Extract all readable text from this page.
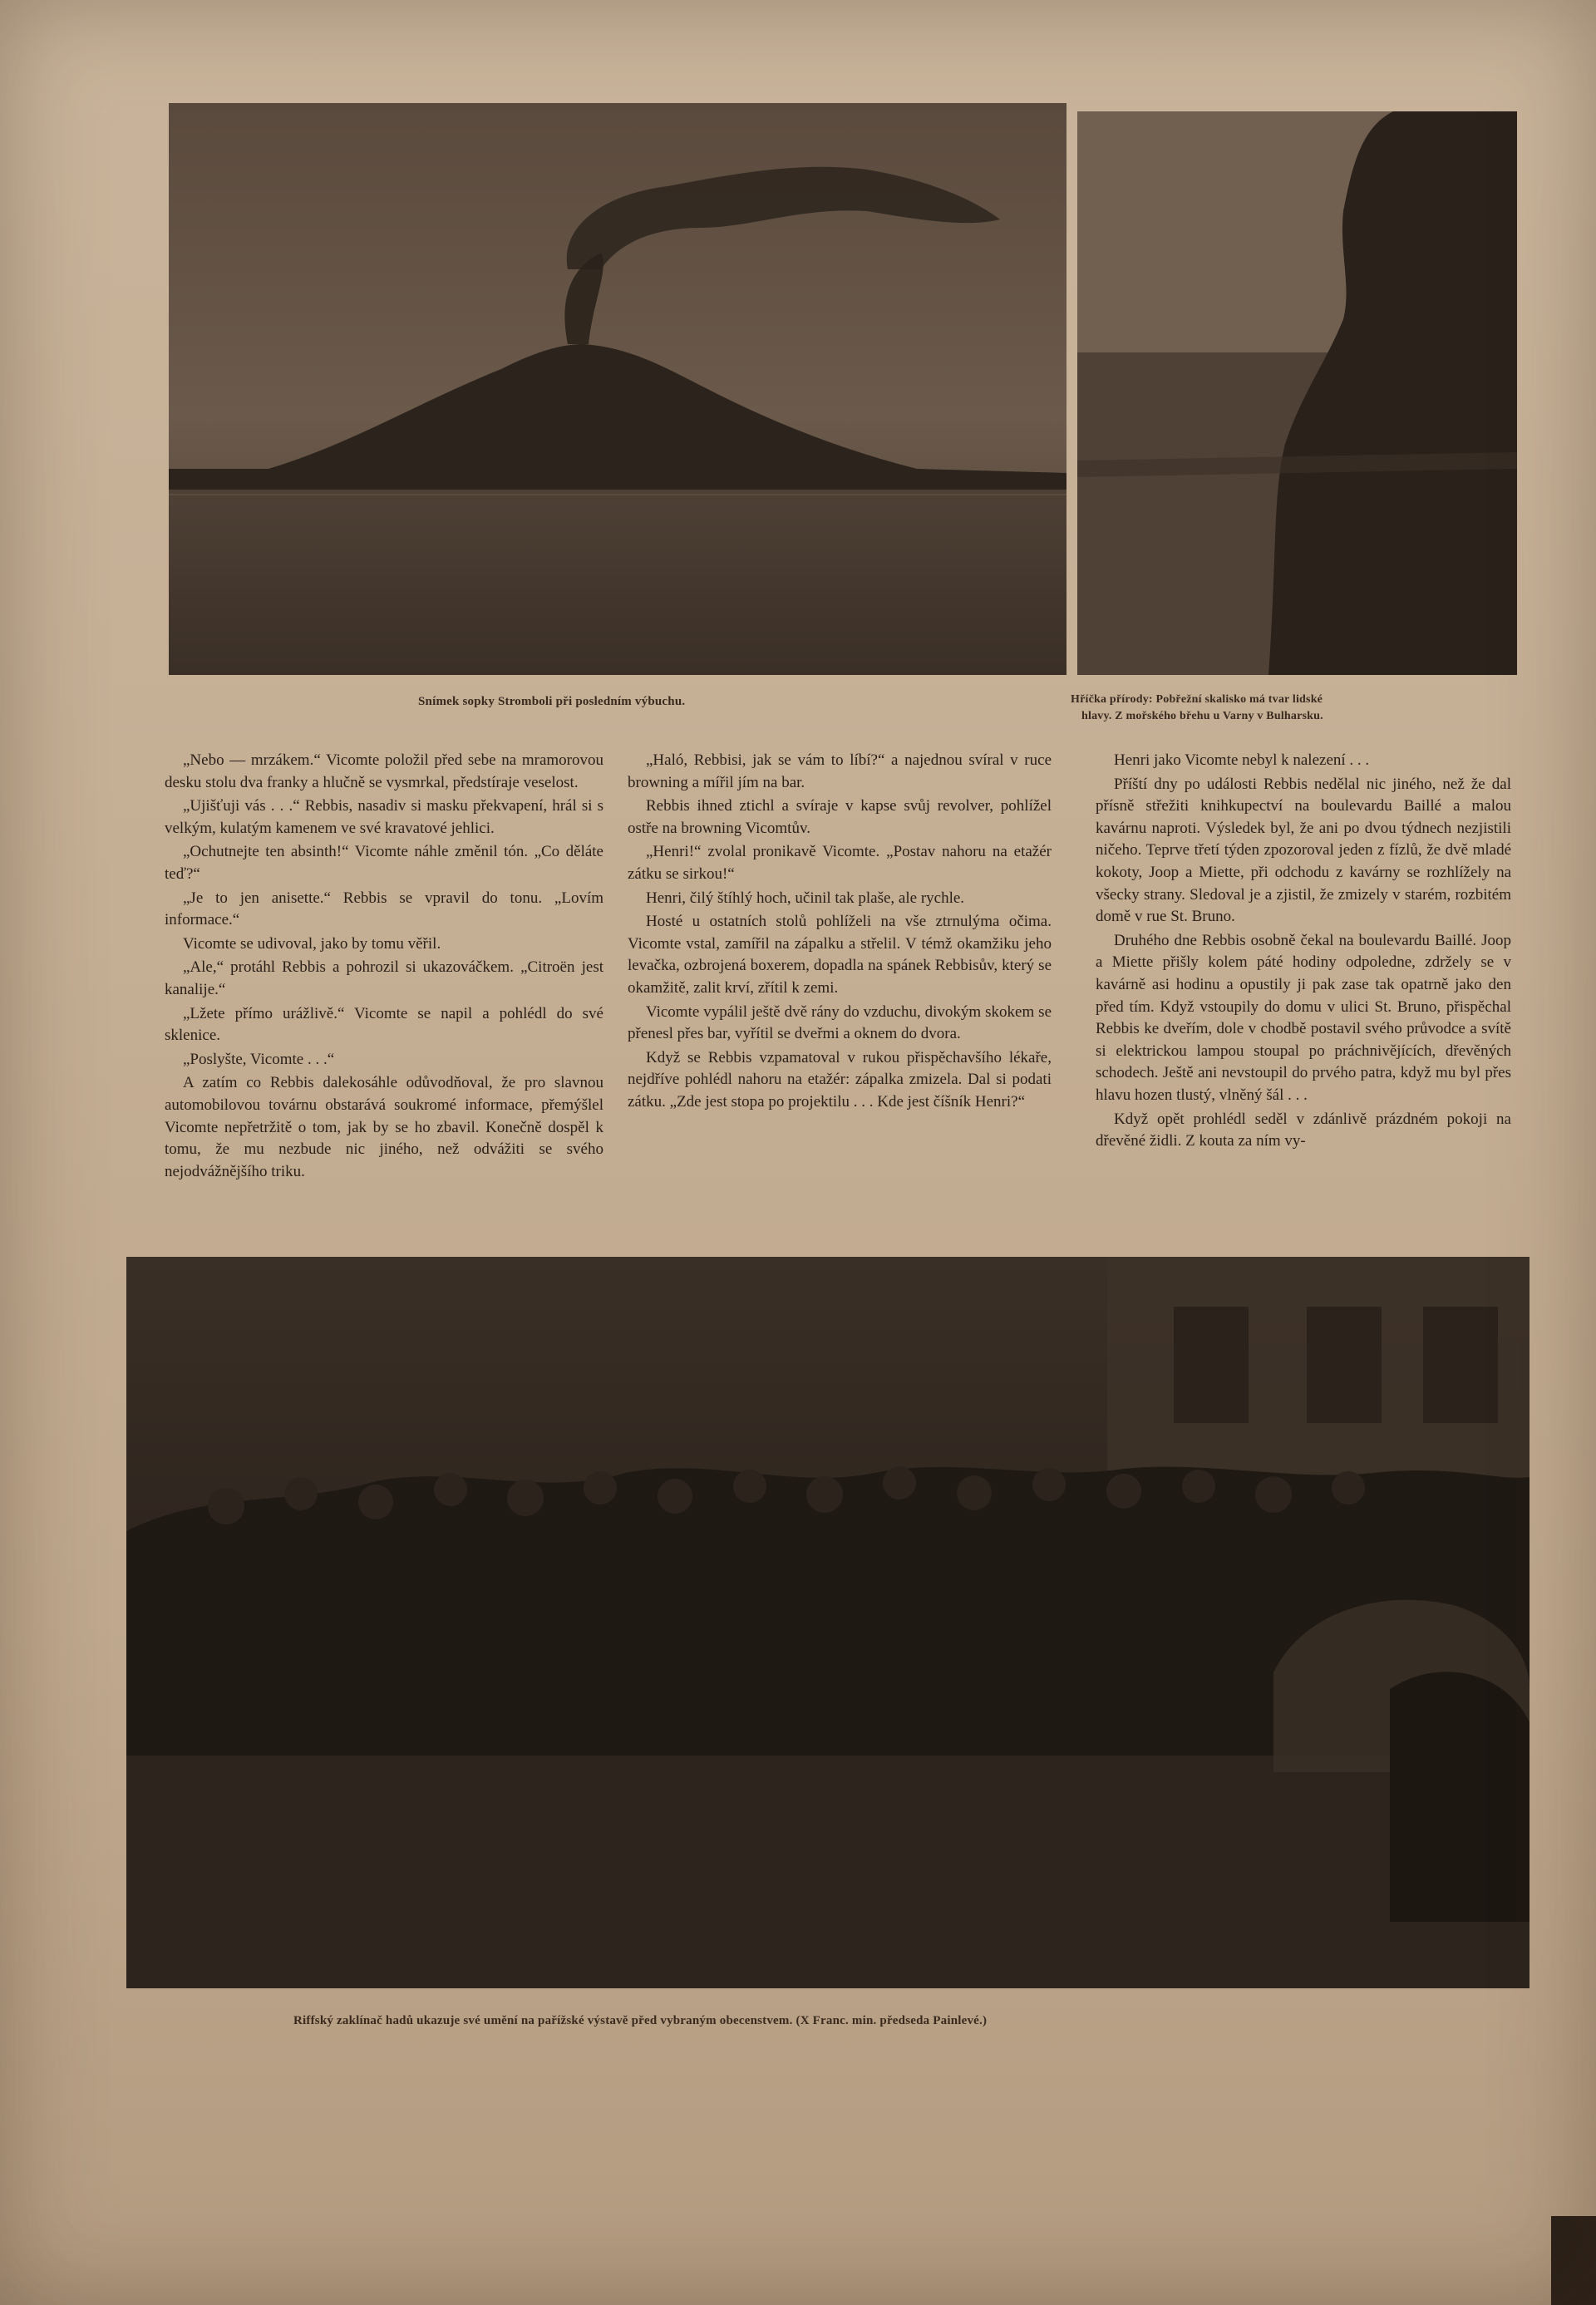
Snímek sopky Stromboli při posledním výbuchu.	Hříčka přírody: Pobřežní skalisko má tvar lidské
hlavy. Z mořského břehu u Varny v Bulharsku.

„Nebo — mrzákem.“ Vicomte položil před sebe na mramorovou desku stolu dva franky a hlučně se vysmrkal, předstíraje veselost.

„Ujišťuji vás . . .“ Rebbis, nasadiv si masku překvapení, hrál si s velkým, kulatým kamenem ve své kravatové jehlici.

„Ochutnejte ten absinth!“ Vicomte náhle změnil tón. „Co děláte teď?“

„Je to jen anisette.“ Rebbis se vpravil do tonu. „Lovím informace.“

Vicomte se udivoval, jako by tomu věřil.

„Ale,“ protáhl Rebbis a pohrozil si ukazováčkem. „Citroën jest kanalije.“

„Lžete přímo urážlivě.“ Vicomte se napil a pohlédl do své sklenice.

„Poslyšte, Vicomte . . .“

A zatím co Rebbis dalekosáhle odůvodňoval, že pro slavnou automobilovou továrnu obstarává soukromé informace, přemýšlel Vicomte nepřetržitě o tom, jak by se ho zbavil. Konečně dospěl k tomu, že mu nezbude nic jiného, než odvážiti se svého nejodvážnějšího triku.

„Haló, Rebbisi, jak se vám to líbí?“ a najednou svíral v ruce browning a mířil jím na bar.

Rebbis ihned ztichl a svíraje v kapse svůj revolver, pohlížel ostře na browning Vicomtův.

„Henri!“ zvolal pronikavě Vicomte. „Postav nahoru na etažér zátku se sirkou!“

Henri, čilý štíhlý hoch, učinil tak plaše, ale rychle.

Hosté u ostatních stolů pohlíželi na vše ztrnulýma očima. Vicomte vstal, zamířil na zápalku a střelil. V témž okamžiku jeho levačka, ozbrojená boxerem, dopadla na spánek Rebbisův, který se okamžitě, zalit krví, zřítil k zemi.

Vicomte vypálil ještě dvě rány do vzduchu, divokým skokem se přenesl přes bar, vyřítil se dveřmi a oknem do dvora.

Když se Rebbis vzpamatoval v rukou přispěchavšího lékaře, nejdříve pohlédl nahoru na etažér: zápalka zmizela. Dal si podati zátku. „Zde jest stopa po projektilu . . . Kde jest číšník Henri?“

Henri jako Vicomte nebyl k nalezení . . .

Příští dny po události Rebbis nedělal nic jiného, než že dal přísně střežiti knihkupectví na boulevardu Baillé a malou kavárnu naproti. Výsledek byl, že ani po dvou týdnech nezjistili ničeho. Teprve třetí týden zpozoroval jeden z fízlů, že dvě mladé kokoty, Joop a Miette, při odchodu z kavárny se rozhlížely na všecky strany. Sledoval je a zjistil, že zmizely v starém, rozbitém domě v rue St. Bruno.

Druhého dne Rebbis osobně čekal na boulevardu Baillé. Joop a Miette přišly kolem páté hodiny odpoledne, zdržely se v kavárně asi hodinu a opustily ji pak zase tak opatrně jako den před tím. Když vstoupily do domu v ulici St. Bruno, přispěchal Rebbis ke dveřím, dole v chodbě postavil svého průvodce a svítě si elektrickou lampou stoupal po práchnivějících, dřevěných schodech. Ještě ani nevstoupil do prvého patra, když mu byl přes hlavu hozen tlustý, vlněný šál . . .

Když opět prohlédl seděl v zdánlivě prázdném pokoji na dřevěné židli. Z kouta za ním vy-

Riffský zaklínač hadů ukazuje své umění na pařížské výstavě před vybraným obecenstvem. (X Franc. min. předseda Painlevé.)
